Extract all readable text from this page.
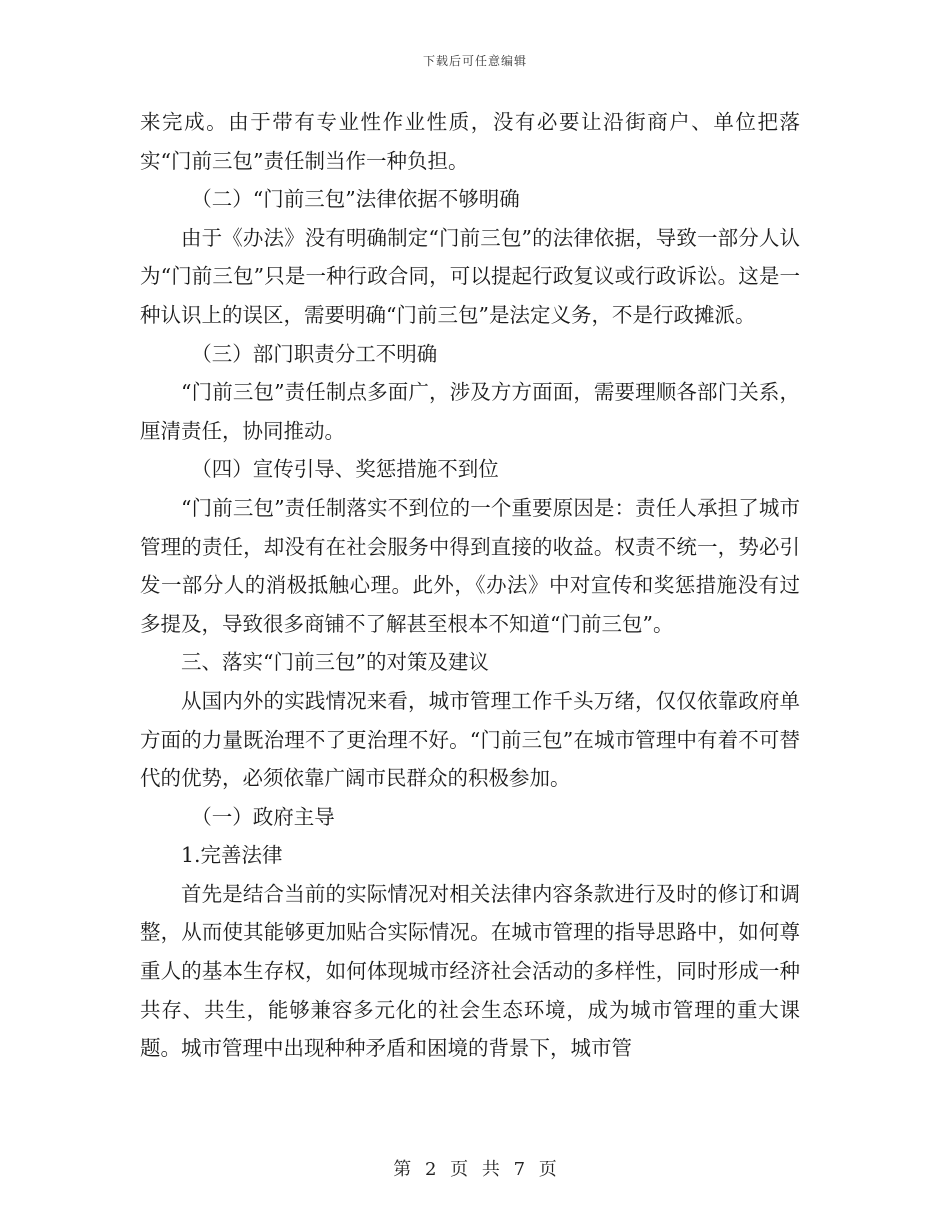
下载后可任意编辑

来完成。由于带有专业性作业性质，没有必要让沿街商户、单位把落实“门前三包”责任制当作一种负担。

（二）“门前三包”法律依据不够明确

由于《办法》没有明确制定“门前三包”的法律依据，导致一部分人认为“门前三包”只是一种行政合同，可以提起行政复议或行政诉讼。这是一种认识上的误区，需要明确“门前三包”是法定义务，不是行政摊派。

（三）部门职责分工不明确

“门前三包”责任制点多面广，涉及方方面面，需要理顺各部门关系，厘清责任，协同推动。

（四）宣传引导、奖惩措施不到位

“门前三包”责任制落实不到位的一个重要原因是：责任人承担了城市管理的责任，却没有在社会服务中得到直接的收益。权责不统一，势必引发一部分人的消极抵触心理。此外，《办法》中对宣传和奖惩措施没有过多提及，导致很多商铺不了解甚至根本不知道“门前三包”。

三、落实“门前三包”的对策及建议

从国内外的实践情况来看，城市管理工作千头万绪，仅仅依靠政府单方面的力量既治理不了更治理不好。“门前三包”在城市管理中有着不可替代的优势，必须依靠广阔市民群众的积极参加。

（一）政府主导

1.完善法律

首先是结合当前的实际情况对相关法律内容条款进行及时的修订和调整，从而使其能够更加贴合实际情况。在城市管理的指导思路中，如何尊重人的基本生存权，如何体现城市经济社会活动的多样性，同时形成一种共存、共生，能够兼容多元化的社会生态环境，成为城市管理的重大课题。城市管理中出现种种矛盾和困境的背景下，城市管

第 2 页 共 7 页
